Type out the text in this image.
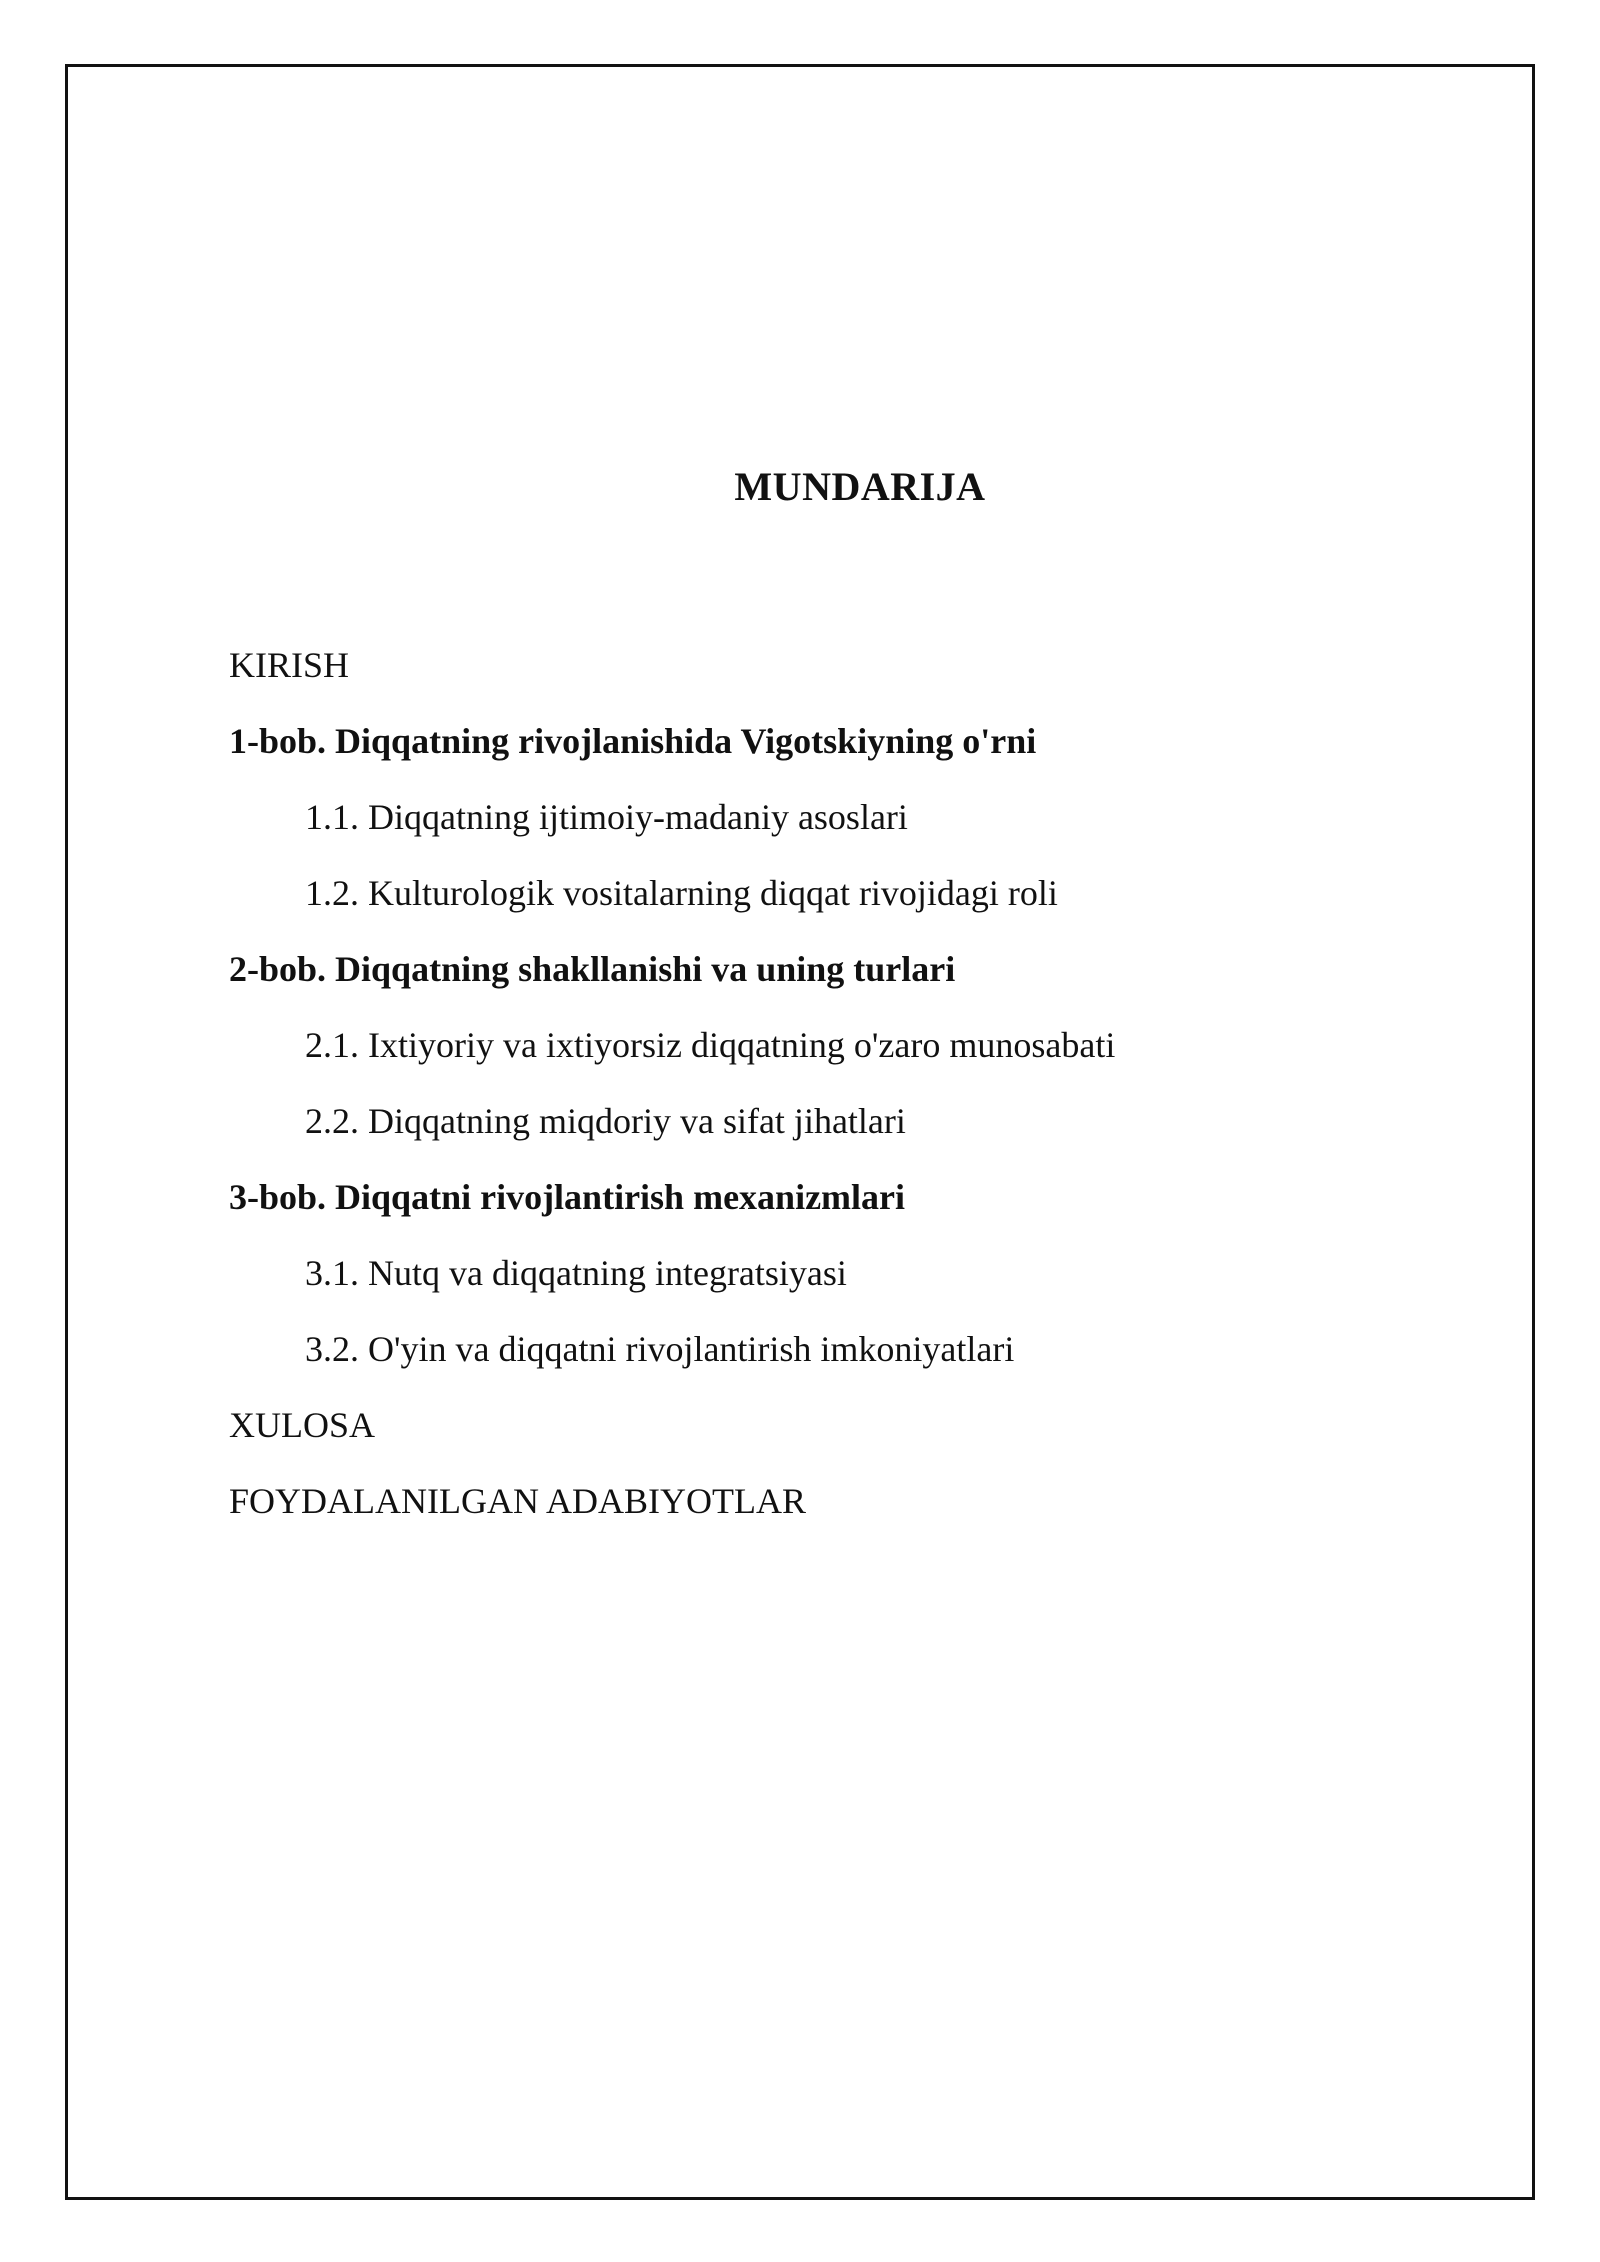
MUNDARIJA
KIRISH
1-bob. Diqqatning rivojlanishida Vigotskiyning o'rni
1.1. Diqqatning ijtimoiy-madaniy asoslari
1.2. Kulturologik vositalarning diqqat rivojidagi roli
2-bob. Diqqatning shakllanishi va uning turlari
2.1. Ixtiyoriy va ixtiyorsiz diqqatning o'zaro munosabati
2.2. Diqqatning miqdoriy va sifat jihatlari
3-bob. Diqqatni rivojlantirish mexanizmlari
3.1. Nutq va diqqatning integratsiyasi
3.2. O'yin va diqqatni rivojlantirish imkoniyatlari
XULOSA
FOYDALANILGAN ADABIYOTLAR
